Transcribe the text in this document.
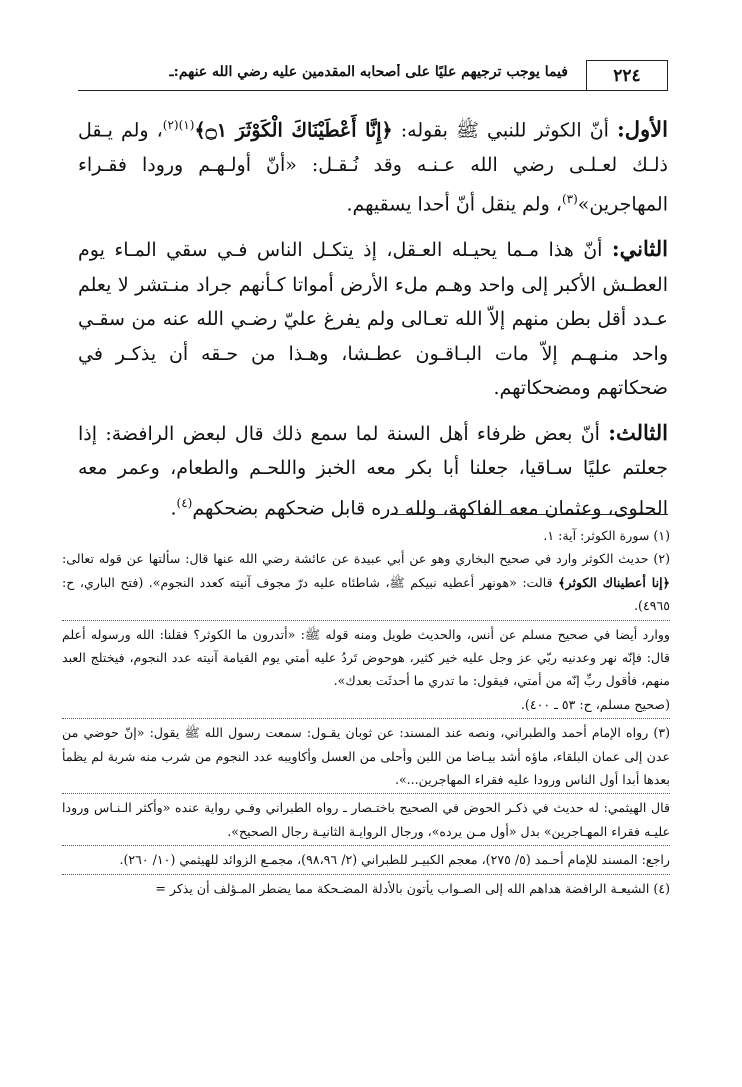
٢٢٤
فيما يوجب ترجيهم عليًا على أصحابه المقدمين عليه رضي الله عنهم:ـ

الأول: أنّ الكوثر للنبي ﷺ بقوله: ﴿إِنَّا أَعْطَيْنَاكَ الْكَوْثَرَ ۝١﴾$^{(١)(٢)}$، ولم يـقل ذلـك لعـلـى رضي الله عـنـه وقد نُـقـل: «أنّ أولـهـم ورودا فقـراء المهاجرين»$^{(٣)}$، ولم ينقل أنّ أحدا يسقيهم.

الثاني: أنّ هذا مـما يحيـله العـقل، إذ يتكـل الناس فـي سقي المـاء يوم العطـش الأكبر إلى واحد وهـم ملء الأرض أمواتا كـأنهم جراد منـتشر لا يعلم عـدد أقل بطن منهم إلاّ الله تعـالى ولم يفرغ عليّ رضـي الله عنه من سقـي واحد منـهـم إلاّ مات البـاقـون عطـشا، وهـذا من حـقه أن يذكـر في ضحكاتهم ومضحكاتهم.

الثالث: أنّ بعض ظرفاء أهل السنة لما سمع ذلك قال لبعض الرافضة: إذا جعلتم عليًا سـاقيا، جعلنا أبا بكر معه الخبز واللحـم والطعام، وعمر معه الحلوى، وعثمان معه الفاكهة، ولله دره قابل ضحكهم بضحكهم$^{(٤)}$.

(١) سورة الكوثر: آية: ١.

(٢) حديث الكوثر وارد في صحيح البخاري وهو عن أبي عبيدة عن عائشة رضي الله عنها قال: سألتها عن قوله تعالى: ﴿إنا أعطيناك الكوثر﴾ قالت: «هونهر أعطيه نبيكم ﷺ، شاطئاه عليه درّ مجوف آنيته كعدد النجوم». (فتح الباري، ح: ٤٩٦٥).

ووارد أيضا في صحيح مسلم عن أنس، والحديث طويل ومنه قوله ﷺ: «أتدرون ما الكوثر؟ فقلنا: الله ورسوله أعلم قال: فإنّه نهر وعدنيه ربّي عز وجل عليه خير كثير، هوحوض تَردُ عليه أمتي يوم القيامة آنيته عدد النجوم، فيختلج العبد منهم، فأقول ربِّ إنّه من أمتي، فيقول: ما تدري ما أحدثَت بعدك».

(صحيح مسلم، ح: ٥٣ ـ ٤٠٠).

(٣) رواه الإمام أحمد والطبراني، ونصه عند المسند: عن ثوبان يقـول: سمعت رسول الله ﷺ يقول: «إنّ حوضي من عدن إلى عمان البلقاء، ماؤه أشد بيـاضا من اللبن وأحلى من العسل وأكاويبه عدد النجوم من شرب منه شربة لم يظمأ بعدها أبدا أول الناس ورودا عليه فقراء المهاجرين...».

قال الهيثمي: له حديث في ذكـر الحوض في الصحيح باختـصار ـ رواه الطبراني وفـي رواية عنده «وأكثر الـنـاس ورودا عليـه فقراء المهـاجرين» بدل «أول مـن يرده»، ورجال الروايـة الثانيـة رجال الصحيح».

راجع: المسند للإمام أحـمد (٥/ ٢٧٥)، معجم الكبيـر للطبراني (٢/ ٩٨،٩٦)، مجمـع الزوائد للهيثمي (١٠/ ٢٦٠).

(٤) الشيعـة الرافضة هداهم الله إلى الصـواب يأتون بالأدلة المضـحكة مما يضطر المـؤلف أن يذكر =
